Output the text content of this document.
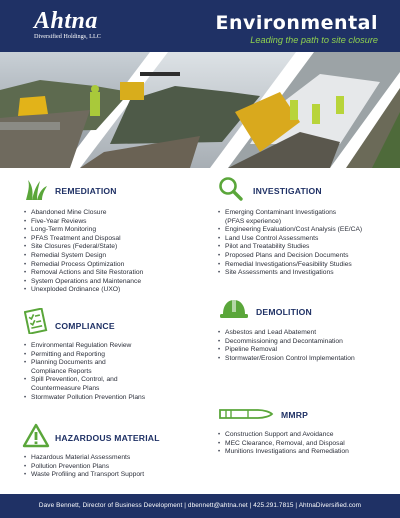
Ahtna
Diversified Holdings, LLC
Environmental
Leading the path to site closure
REMEDIATION
• Abandoned Mine Closure
• Five-Year Reviews
• Long-Term Monitoring
• PFAS Treatment and Disposal
• Site Closures (Federal/State)
• Remedial System Design
• Remedial Process Optimization
• Removal Actions and Site Restoration
• System Operations and Maintenance
• Unexploded Ordinance (UXO)
INVESTIGATION
• Emerging Contaminant Investigations
(PFAS experience)
• Engineering Evaluation/Cost Analysis (EE/CA)
• Land Use Control Assessments
• Pilot and Treatability Studies
• Proposed Plans and Decision Documents
• Remedial Investigations/Feasibility Studies
• Site Assessments and Investigations
COMPLIANCE
• Environmental Regulation Review
• Permitting and Reporting
• Planning Documents and
Compliance Reports
• Spill Prevention, Control, and
Countermeasure Plans
• Stormwater Pollution Prevention Plans
DEMOLITION
• Asbestos and Lead Abatement
• Decommissioning and Decontamination
• Pipeline Removal
• Stormwater/Erosion Control Implementation
HAZARDOUS MATERIAL
• Hazardous Material Assessments
• Pollution Prevention Plans
• Waste Profiling and Transport Support
MMRP
• Construction Support and Avoidance
• MEC Clearance, Removal, and Disposal
• Munitions Investigations and Remediation
Dave Bennett, Director of Business Development | dbennett@ahtna.net | 425.291.7815 | AhtnaDiversified.com
